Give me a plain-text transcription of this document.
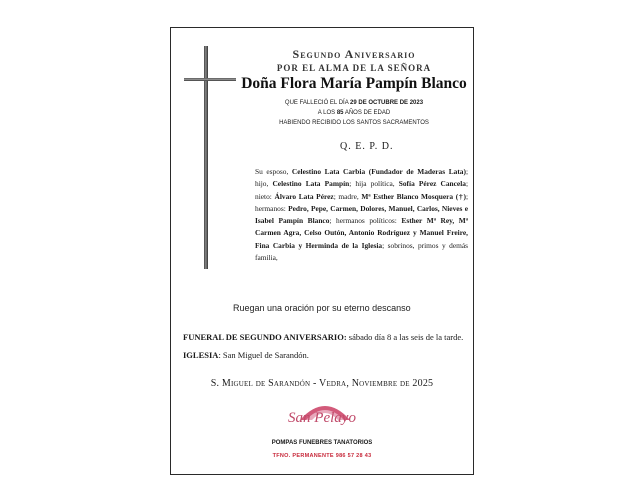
Segundo Aniversario
POR EL ALMA DE LA SEÑORA
Doña Flora María Pampín Blanco
QUE FALLECIÓ EL DÍA 29 DE OCTUBRE DE 2023
A LOS 85 AÑOS DE EDAD
HABIENDO RECIBIDO LOS SANTOS SACRAMENTOS
Q. E. P. D.
Su esposo, Celestino Lata Carbia (Fundador de Maderas Lata); hijo, Celestino Lata Pampín; hija política, Sofía Pérez Cancela; nieto: Álvaro Lata Pérez; madre, Mª Esther Blanco Mosquera (†); hermanos: Pedro, Pepe, Carmen, Dolores, Manuel, Carlos, Nieves e Isabel Pampín Blanco; hermanos políticos: Esther Mª Rey, Mª Carmen Agra, Celso Outón, Antonio Rodríguez y Manuel Freire, Fina Carbia y Herminda de la Iglesia; sobrinos, primos y demás familia,
Ruegan una oración por su eterno descanso
FUNERAL DE SEGUNDO ANIVERSARIO: sábado día 8 a las seis de la tarde.
IGLESIA: San Miguel de Sarandón.
S. Miguel de Sarandón - Vedra, Noviembre de 2025
San Pelayo
POMPAS FUNEBRES TANATORIOS
TFNO. PERMANENTE 986 57 28 43
